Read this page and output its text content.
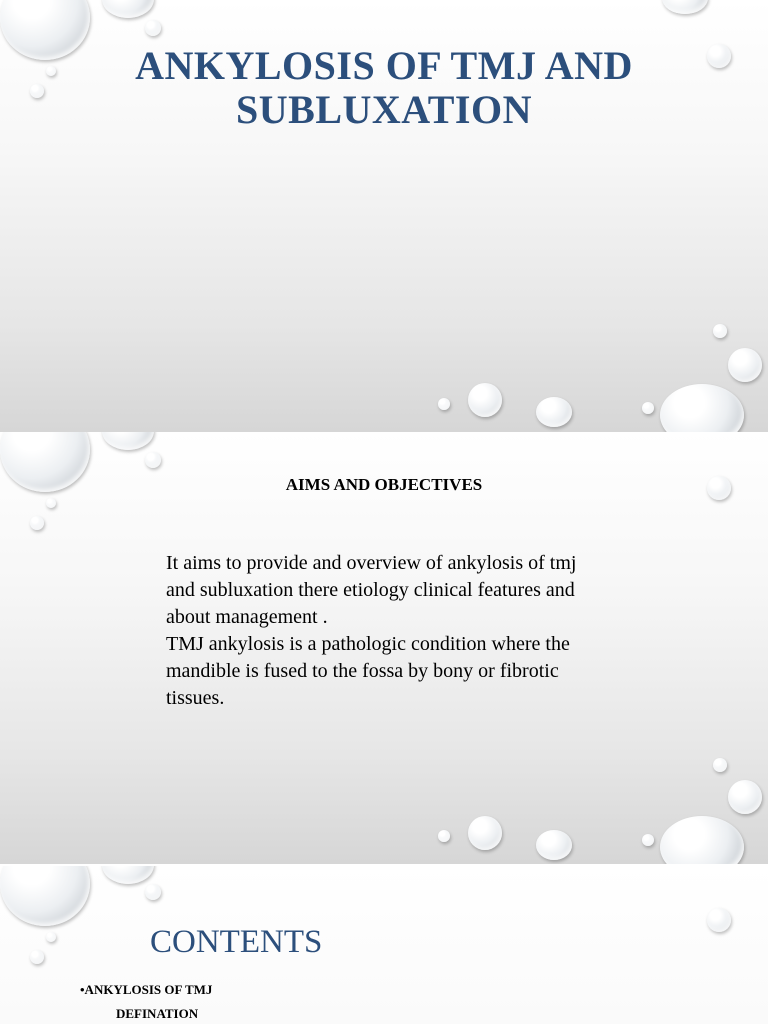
ANKYLOSIS OF TMJ AND SUBLUXATION
AIMS AND OBJECTIVES

It aims to provide and overview of ankylosis of tmj and subluxation there etiology clinical features and about management .

TMJ ankylosis is a pathologic condition where the mandible is fused to the fossa by bony or fibrotic tissues.

CONTENTS
•ANKYLOSIS OF TMJ
DEFINATION
